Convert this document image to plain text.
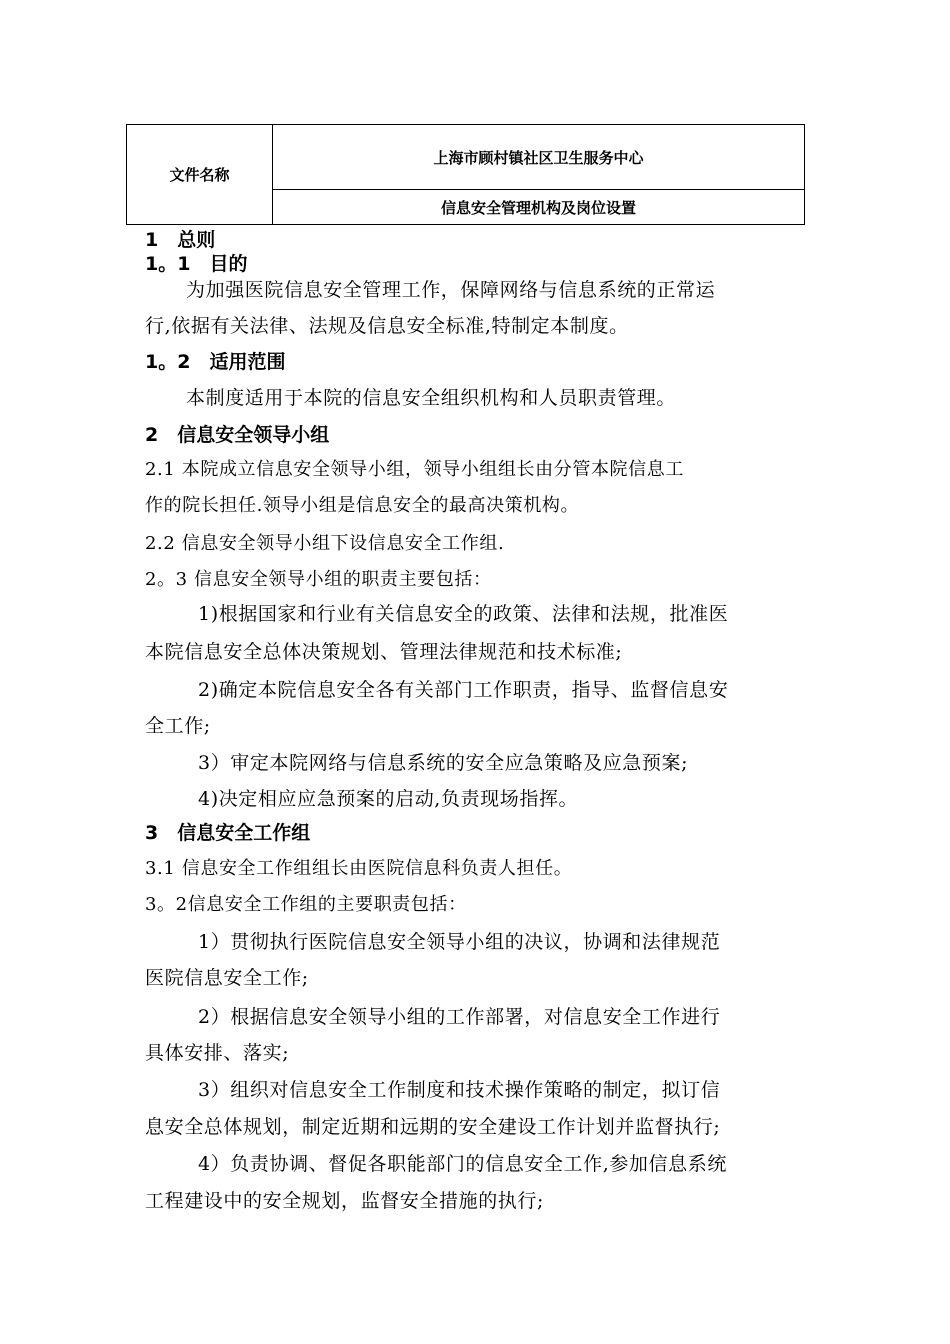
文件名称
上海市顾村镇社区卫生服务中心
信息安全管理机构及岗位设置
1　总则
1。1　目的
为加强医院信息安全管理工作，保障网络与信息系统的正常运
行,依据有关法律、法规及信息安全标准,特制定本制度。
1。2　适用范围
本制度适用于本院的信息安全组织机构和人员职责管理。
2　信息安全领导小组
2.1 本院成立信息安全领导小组，领导小组组长由分管本院信息工
作的院长担任.领导小组是信息安全的最高决策机构。
2.2 信息安全领导小组下设信息安全工作组.
2。3 信息安全领导小组的职责主要包括：
1)根据国家和行业有关信息安全的政策、法律和法规，批准医
本院信息安全总体决策规划、管理法律规范和技术标准;
2)确定本院信息安全各有关部门工作职责，指导、监督信息安
全工作;
3）审定本院网络与信息系统的安全应急策略及应急预案;
4)决定相应应急预案的启动,负责现场指挥。
3　信息安全工作组
3.1 信息安全工作组组长由医院信息科负责人担任。
3。2信息安全工作组的主要职责包括：
1）贯彻执行医院信息安全领导小组的决议，协调和法律规范
医院信息安全工作;
2）根据信息安全领导小组的工作部署，对信息安全工作进行
具体安排、落实;
3）组织对信息安全工作制度和技术操作策略的制定，拟订信
息安全总体规划，制定近期和远期的安全建设工作计划并监督执行;
4）负责协调、督促各职能部门的信息安全工作,参加信息系统
工程建设中的安全规划，监督安全措施的执行;
